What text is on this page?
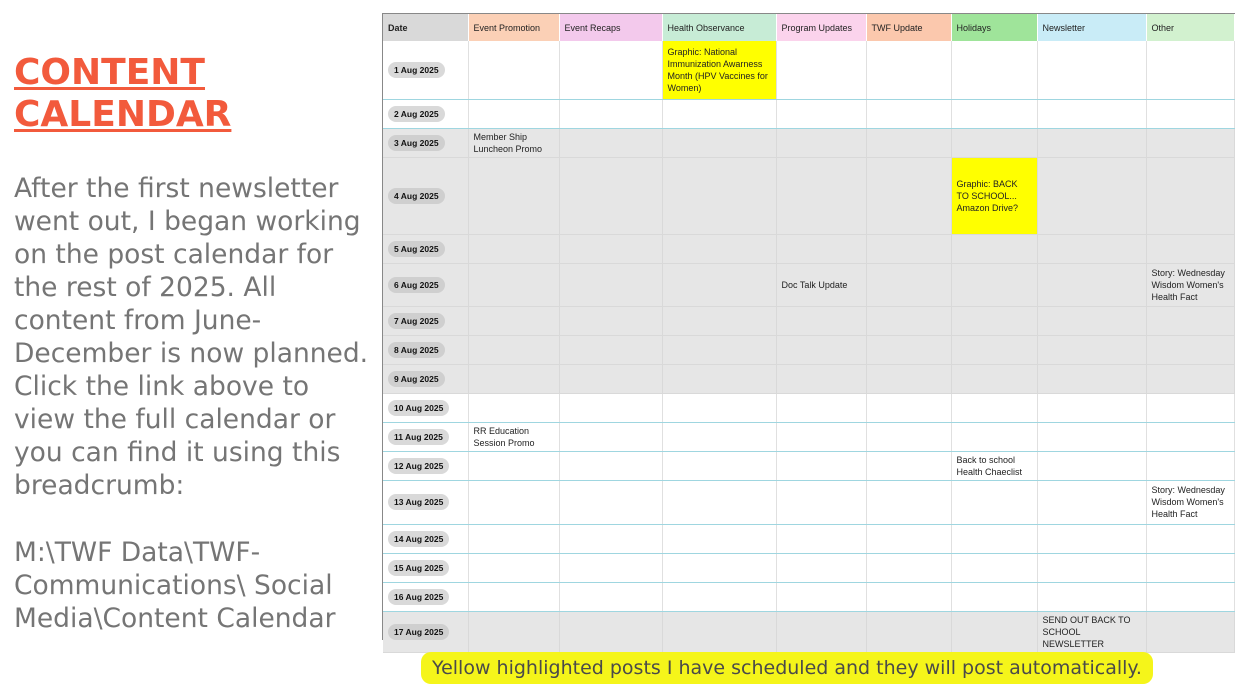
CONTENT
CALENDAR

After the first newsletter went out, I began working on the post calendar for the rest of 2025. All content from June-December is now planned. Click the link above to view the full calendar or you can find it using this breadcrumb:

M:\TWF Data\TWF-Communications\ Social Media\Content Calendar

Date	Event Promotion	Event Recaps	Health Observance	Program Updates	TWF Update	Holidays	Newsletter	Other
1 Aug 2025			Graphic: National Immunization Awarness Month (HPV Vaccines for Women)					
2 Aug 2025								
3 Aug 2025	Member Ship Luncheon Promo							
4 Aug 2025						Graphic: BACK TO SCHOOL... Amazon Drive?		
5 Aug 2025								
6 Aug 2025				Doc Talk Update				Story: Wednesday Wisdom Women's Health Fact
7 Aug 2025								
8 Aug 2025								
9 Aug 2025								
10 Aug 2025								
11 Aug 2025	RR Education Session Promo							
12 Aug 2025						Back to school Health Chaeclist		
13 Aug 2025								Story: Wednesday Wisdom Women's Health Fact
14 Aug 2025								
15 Aug 2025								
16 Aug 2025								
17 Aug 2025							SEND OUT BACK TO SCHOOL NEWSLETTER	
Yellow highlighted posts I have scheduled and they will post automatically.
